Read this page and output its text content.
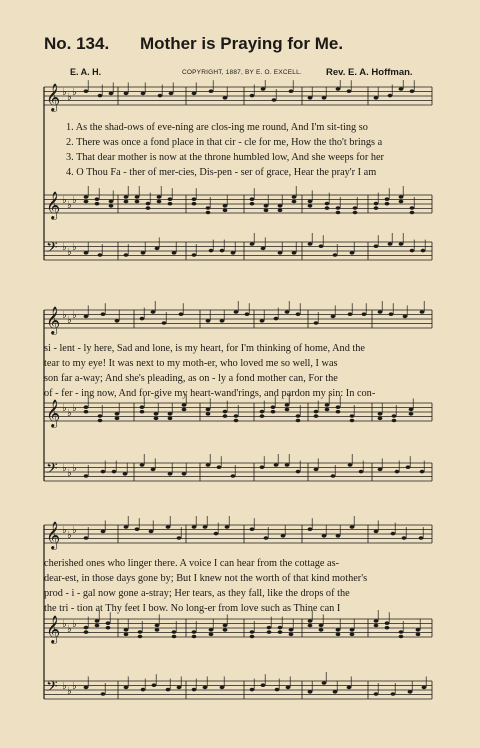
No. 134. Mother is Praying for Me.
E. A. H.	COPYRIGHT, 1887, BY E. O. EXCELL.	Rev. E. A. Hoffman.
𝄞 ♭ ♭ ♭
𝄞 ♭ ♭ ♭
𝄢 ♭ ♭ ♭
1. As the shad-ows of eve-ning are clos-ing me round, And I'm sit-ting so
2. There was once a fond place in that cir - cle for me, How the tho't brings a
3. That dear mother is now at the throne humbled low, And she weeps for her
4. O Thou Fa - ther of mer-cies, Dis-pen - ser of grace, Hear the pray'r I am
𝄞 ♭ ♭ ♭
𝄞 ♭ ♭ ♭
𝄢 ♭ ♭ ♭
si - lent - ly here, Sad and lone, is my heart, for I'm thinking of home, And the
tear to my eye! It was next to my moth-er, who loved me so well, I was
son far a-way; And she's pleading, as on - ly a fond mother can, For the
of - fer - ing now, And for-give my heart-wand'rings, and pardon my sin: In con-
𝄞 ♭ ♭ ♭
𝄞 ♭ ♭ ♭
𝄢 ♭ ♭ ♭
cherished ones who linger there. A voice I can hear from the cottage as-
dear-est, in those days gone by; But I knew not the worth of that kind mother's
prod - i - gal now gone a-stray; Her tears, as they fall, like the drops of the
the tri - tion at Thy feet I bow. No long-er from love such as Thine can I
